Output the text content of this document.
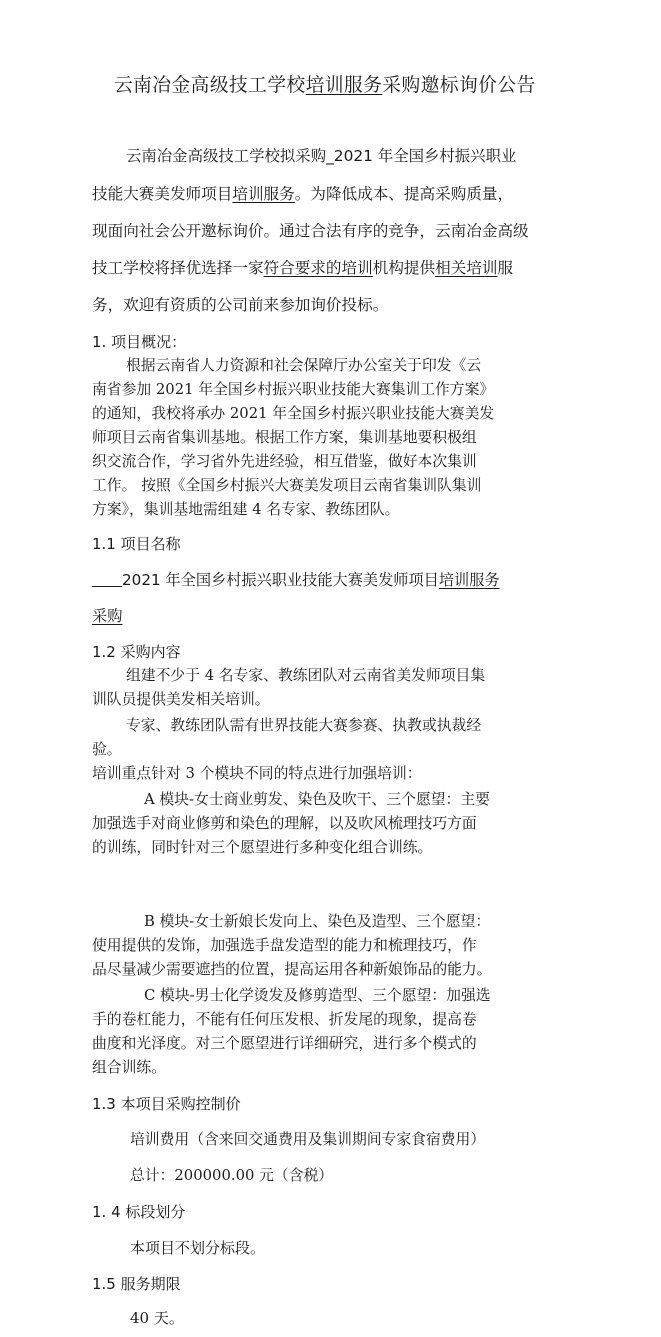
云南冶金高级技工学校培训服务采购邀标询价公告
云南冶金高级技工学校拟采购_2021 年全国乡村振兴职业
技能大赛美发师项目培训服务。为降低成本、提高采购质量，
现面向社会公开邀标询价。通过合法有序的竞争，云南冶金高级
技工学校将择优选择一家符合要求的培训机构提供相关培训服
务，欢迎有资质的公司前来参加询价投标。
1. 项目概况：
根据云南省人力资源和社会保障厅办公室关于印发《云
南省参加 2021 年全国乡村振兴职业技能大赛集训工作方案》
的通知，我校将承办 2021 年全国乡村振兴职业技能大赛美发
师项目云南省集训基地。根据工作方案，集训基地要积极组
织交流合作，学习省外先进经验，相互借鉴，做好本次集训
工作。 按照《全国乡村振兴大赛美发项目云南省集训队集训
方案》，集训基地需组建 4 名专家、教练团队。
1.1 项目名称
2021 年全国乡村振兴职业技能大赛美发师项目培训服务
采购
1.2 采购内容
组建不少于 4 名专家、教练团队对云南省美发师项目集
训队员提供美发相关培训。
专家、教练团队需有世界技能大赛参赛、执教或执裁经
验。
培训重点针对 3 个模块不同的特点进行加强培训：
A 模块-女士商业剪发、染色及吹干、三个愿望：主要
加强选手对商业修剪和染色的理解，以及吹风梳理技巧方面
的训练，同时针对三个愿望进行多种变化组合训练。
B 模块-女士新娘长发向上、染色及造型、三个愿望：
使用提供的发饰，加强选手盘发造型的能力和梳理技巧，作
品尽量减少需要遮挡的位置，提高运用各种新娘饰品的能力。
C 模块-男士化学烫发及修剪造型、三个愿望：加强选
手的卷杠能力，不能有任何压发根、折发尾的现象，提高卷
曲度和光泽度。对三个愿望进行详细研究，进行多个模式的
组合训练。
1.3 本项目采购控制价
培训费用（含来回交通费用及集训期间专家食宿费用）
总计：200000.00 元（含税）
1. 4 标段划分
本项目不划分标段。
1.5 服务期限
40 天。
